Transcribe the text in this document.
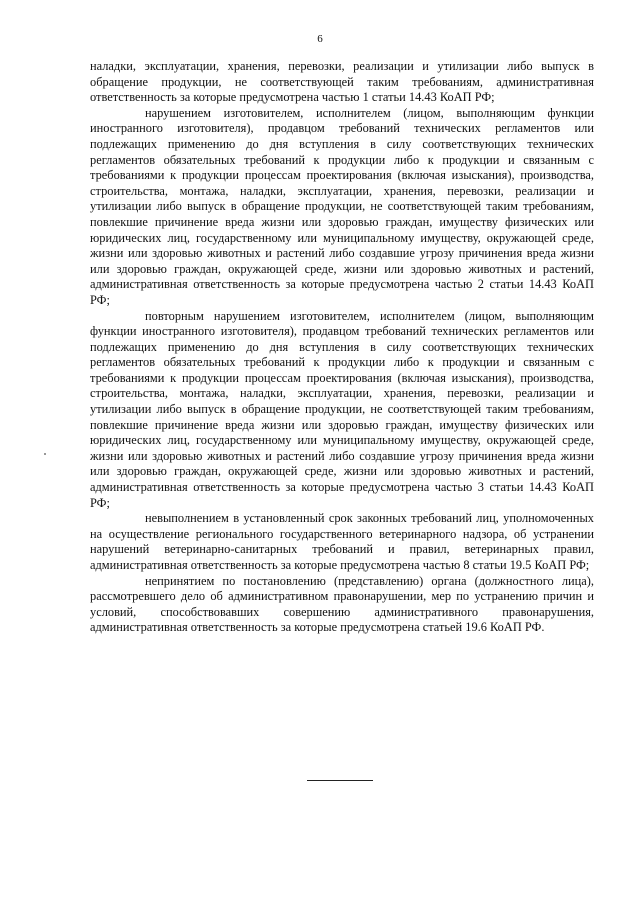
6

наладки, эксплуатации, хранения, перевозки, реализации и утилизации либо выпуск в обращение продукции, не соответствующей таким требованиям, административная ответственность за которые предусмотрена частью 1 статьи 14.43 КоАП РФ;

нарушением изготовителем, исполнителем (лицом, выполняющим функции иностранного изготовителя), продавцом требований технических регламентов или подлежащих применению до дня вступления в силу соответствующих технических регламентов обязательных требований к продукции либо к продукции и связанным с требованиями к продукции процессам проектирования (включая изыскания), производства, строительства, монтажа, наладки, эксплуатации, хранения, перевозки, реализации и утилизации либо выпуск в обращение продукции, не соответствующей таким требованиям, повлекшие причинение вреда жизни или здоровью граждан, имуществу физических или юридических лиц, государственному или муниципальному имуществу, окружающей среде, жизни или здоровью животных и растений либо создавшие угрозу причинения вреда жизни или здоровью граждан, окружающей среде, жизни или здоровью животных и растений, административная ответственность за которые предусмотрена частью 2 статьи 14.43 КоАП РФ;

повторным нарушением изготовителем, исполнителем (лицом, выполняющим функции иностранного изготовителя), продавцом требований технических регламентов или подлежащих применению до дня вступления в силу соответствующих технических регламентов обязательных требований к продукции либо к продукции и связанным с требованиями к продукции процессам проектирования (включая изыскания), производства, строительства, монтажа, наладки, эксплуатации, хранения, перевозки, реализации и утилизации либо выпуск в обращение продукции, не соответствующей таким требованиям, повлекшие причинение вреда жизни или здоровью граждан, имуществу физических или юридических лиц, государственному или муниципальному имуществу, окружающей среде, жизни или здоровью животных и растений либо создавшие угрозу причинения вреда жизни или здоровью граждан, окружающей среде, жизни или здоровью животных и растений, административная ответственность за которые предусмотрена частью 3 статьи 14.43 КоАП РФ;

невыполнением в установленный срок законных требований лиц, уполномоченных на осуществление регионального государственного ветеринарного надзора, об устранении нарушений ветеринарно-санитарных требований и правил, ветеринарных правил, административная ответственность за которые предусмотрена частью 8 статьи 19.5 КоАП РФ;

непринятием по постановлению (представлению) органа (должностного лица), рассмотревшего дело об административном правонарушении, мер по устранению причин и условий, способствовавших совершению административного правонарушения, административная ответственность за которые предусмотрена статьей 19.6 КоАП РФ.
